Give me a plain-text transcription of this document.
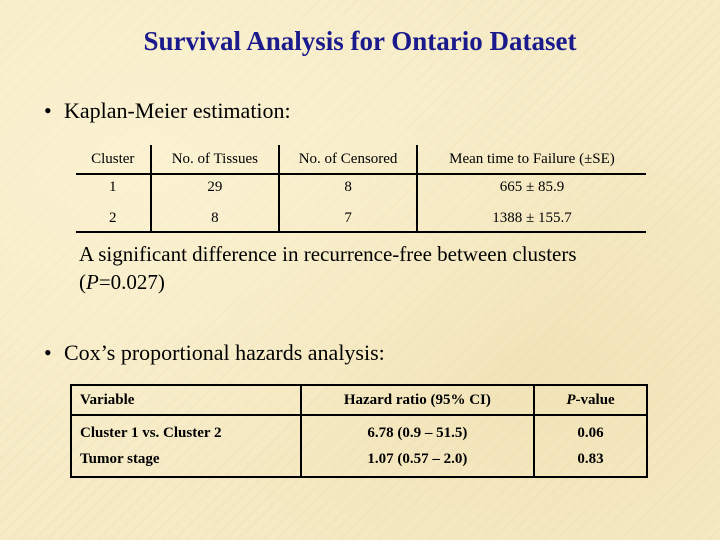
Survival Analysis for Ontario Dataset
• Kaplan-Meier estimation:
Cluster	No. of Tissues	No. of Censored	Mean time to Failure (±SE)
1	29	8	665 ± 85.9
2	8	7	1388 ± 155.7
A significant difference in recurrence-free between clusters
(P=0.027)
• Cox’s proportional hazards analysis:
Variable	Hazard ratio (95% CI)	P-value
Cluster 1 vs. Cluster 2	6.78 (0.9 – 51.5)	0.06
Tumor stage	1.07 (0.57 – 2.0)	0.83
